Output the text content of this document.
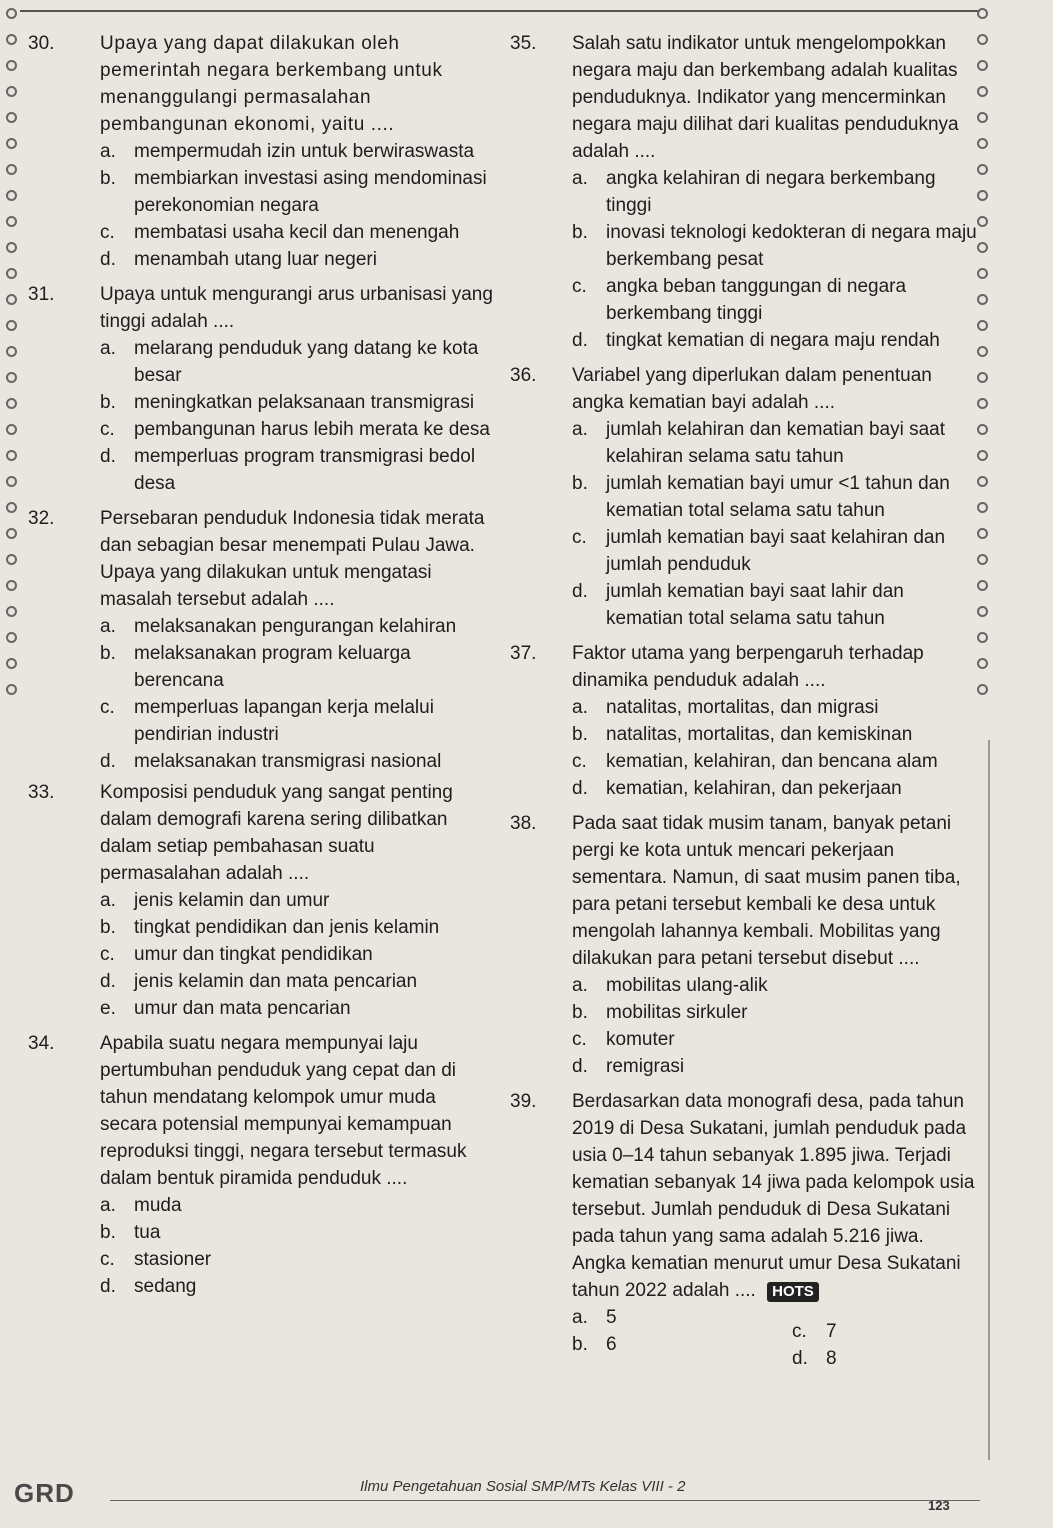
30.	Upaya yang dapat dilakukan oleh pemerintah negara berkembang untuk menanggulangi permasalahan pembangunan ekonomi, yaitu ....

a. mempermudah izin untuk berwiraswasta
b. membiarkan investasi asing mendominasi perekonomian negara
c.	membatasi usaha kecil dan menengah
d. menambah utang luar negeri
31.	Upaya untuk mengurangi arus urbanisasi yang tinggi adalah ....

a. melarang penduduk yang datang ke kota besar
b. meningkatkan pelaksanaan transmigrasi
c.	pembangunan harus lebih merata ke desa
d. memperluas program transmigrasi bedol desa
32.	Persebaran penduduk Indonesia tidak merata dan sebagian besar menempati Pulau Jawa. Upaya yang dilakukan untuk mengatasi masalah tersebut adalah ....

a. melaksanakan pengurangan kelahiran
b. melaksanakan program keluarga berencana
c.	memperluas lapangan kerja melalui pendirian industri
d. melaksanakan transmigrasi nasional
33.	Komposisi penduduk yang sangat penting dalam demografi karena sering dilibatkan dalam setiap pembahasan suatu permasalahan adalah ....

a. jenis kelamin dan umur
b. tingkat pendidikan dan jenis kelamin
c.	umur dan tingkat pendidikan
d. jenis kelamin dan mata pencarian
e. umur dan mata pencarian
34.	Apabila suatu negara mempunyai laju pertumbuhan penduduk yang cepat dan di tahun mendatang kelompok umur muda secara potensial mempunyai kemampuan reproduksi tinggi, negara tersebut termasuk dalam bentuk piramida penduduk ....

a. muda
b. tua
c.	stasioner
d. sedang
35.	Salah satu indikator untuk mengelompokkan negara maju dan berkembang adalah kualitas penduduknya. Indikator yang mencerminkan negara maju dilihat dari kualitas penduduknya adalah ....

a. angka kelahiran di negara berkembang tinggi
b. inovasi teknologi kedokteran di negara maju berkembang pesat
c.	angka beban tanggungan di negara berkembang tinggi
d. tingkat kematian di negara maju rendah
36.	Variabel yang diperlukan dalam penentuan angka kematian bayi adalah ....

a. jumlah kelahiran dan kematian bayi saat kelahiran selama satu tahun
b. jumlah kematian bayi umur <1 tahun dan kematian total selama satu tahun
c.	jumlah kematian bayi saat kelahiran dan jumlah penduduk
d. jumlah kematian bayi saat lahir dan kematian total selama satu tahun
37.	Faktor utama yang berpengaruh terhadap dinamika penduduk adalah ....

a. natalitas, mortalitas, dan migrasi
b. natalitas, mortalitas, dan kemiskinan
c.	kematian, kelahiran, dan bencana alam
d. kematian, kelahiran, dan pekerjaan
38.	Pada saat tidak musim tanam, banyak petani pergi ke kota untuk mencari pekerjaan sementara. Namun, di saat musim panen tiba, para petani tersebut kembali ke desa untuk mengolah lahannya kembali. Mobilitas yang dilakukan para petani tersebut disebut ....

a. mobilitas ulang-alik
b. mobilitas sirkuler
c.	komuter
d. remigrasi
39.	Berdasarkan data monografi desa, pada tahun 2019 di Desa Sukatani, jumlah penduduk pada usia 0–14 tahun sebanyak 1.895 jiwa. Terjadi kematian sebanyak 14 jiwa pada kelompok usia tersebut. Jumlah penduduk di Desa Sukatani pada tahun yang sama adalah 5.216 jiwa. Angka kematian menurut umur Desa Sukatani tahun 2022 adalah .... HOTS

a. 5
c.	7
b. 6
d. 8
GRD	Ilmu Pengetahuan Sosial SMP/MTs Kelas VIII - 2
123
